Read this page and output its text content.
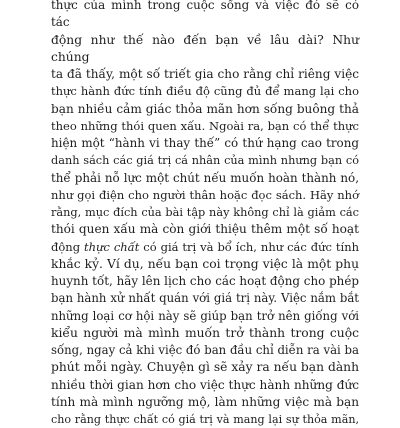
thực của mình trong cuộc sống và việc đó sẽ có tác
động như thế nào đến bạn về lâu dài? Như chúng
ta đã thấy, một số triết gia cho rằng chỉ riêng việc
thực hành đức tính điều độ cũng đủ để mang lại cho
bạn nhiều cảm giác thỏa mãn hơn sống buông thả
theo những thói quen xấu. Ngoài ra, bạn có thể thực
hiện một “hành vi thay thế” có thứ hạng cao trong
danh sách các giá trị cá nhân của mình nhưng bạn có
thể phải nỗ lực một chút nếu muốn hoàn thành nó,
như gọi điện cho người thân hoặc đọc sách. Hãy nhớ
rằng, mục đích của bài tập này không chỉ là giảm các
thói quen xấu mà còn giới thiệu thêm một số hoạt
động thực chất có giá trị và bổ ích, như các đức tính
khắc kỷ. Ví dụ, nếu bạn coi trọng việc là một phụ
huynh tốt, hãy lên lịch cho các hoạt động cho phép
bạn hành xử nhất quán với giá trị này. Việc nắm bắt
những loại cơ hội này sẽ giúp bạn trở nên giống với
kiểu người mà mình muốn trở thành trong cuộc
sống, ngay cả khi việc đó ban đầu chỉ diễn ra vài ba
phút mỗi ngày. Chuyện gì sẽ xảy ra nếu bạn dành
nhiều thời gian hơn cho việc thực hành những đức
tính mà mình ngưỡng mộ, làm những việc mà bạn
cho rằng thực chất có giá trị và mang lại sự thỏa mãn,
